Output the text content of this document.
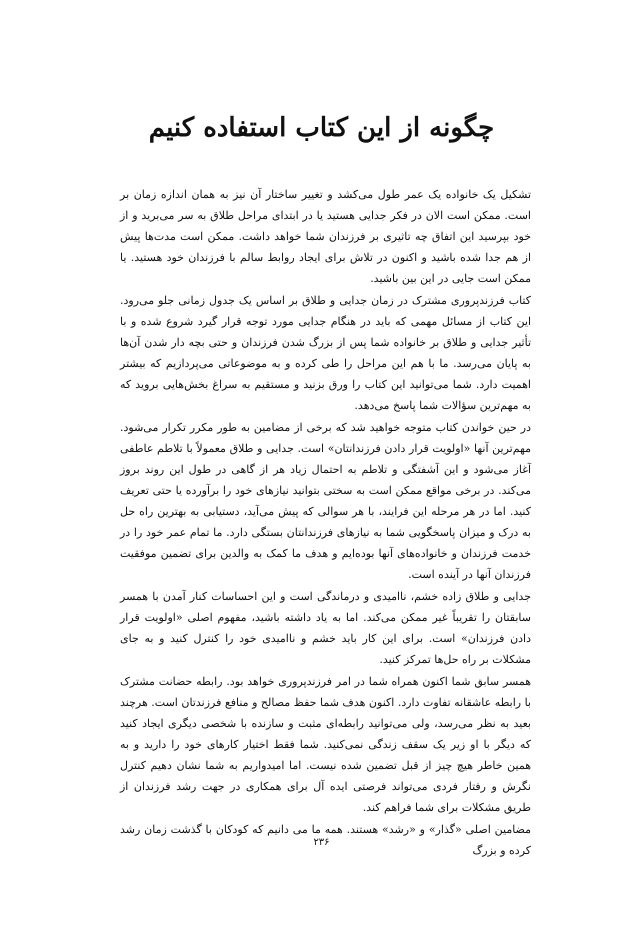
چگونه از این کتاب استفاده کنیم

تشکیل یک خانواده یک عمر طول می‌کشد و تغییر ساختار آن نیز به همان اندازه زمان بر است. ممکن است الان در فکر جدایی هستید یا در ابتدای مراحل طلاق به سر می‌برید و از خود بپرسید این اتفاق چه تاثیری بر فرزندان شما خواهد داشت. ممکن است مدت‌ها پیش از هم جدا شده باشید و اکنون در تلاش برای ایجاد روابط سالم با فرزندان خود هستید. یا ممکن است جایی در این بین باشید.

کتاب فرزندپروری مشترک در زمان جدایی و طلاق بر اساس یک جدول زمانی جلو می‌رود. این کتاب از مسائل مهمی که باید در هنگام جدایی مورد توجه قرار گیرد شروع شده و با تأثیر جدایی و طلاق بر خانواده شما پس از بزرگ شدن فرزندان و حتی بچه دار شدن آن‌ها به پایان می‌رسد. ما با هم این مراحل را طی کرده و به موضوعاتی می‌پردازیم که بیشتر اهمیت دارد. شما می‌توانید این کتاب را ورق بزنید و مستقیم به سراغ بخش‌هایی بروید که به مهم‌ترین سؤالات شما پاسخ می‌دهد.

در حین خواندن کتاب متوجه خواهید شد که برخی از مضامین به طور مکرر تکرار می‌شود. مهم‌ترین آنها «اولویت قرار دادن فرزندانتان» است. جدایی و طلاق معمولاً با تلاطم عاطفی آغاز می‌شود و این آشفتگی و تلاطم به احتمال زیاد هر از گاهی در طول این روند بروز می‌کند. در برخی مواقع ممکن است به سختی بتوانید نیازهای خود را برآورده یا حتی تعریف کنید. اما در هر مرحله این فرایند، با هر سوالی که پیش می‌آید، دستیابی به بهترین راه حل به درک و میزان پاسخگویی شما به نیازهای فرزندانتان بستگی دارد. ما تمام عمر خود را در خدمت فرزندان و خانواده‌های آنها بوده‌ایم و هدف ما کمک به والدین برای تضمین موفقیت فرزندان آنها در آینده است.

جدایی و طلاق زاده خشم، ناامیدی و درماندگی است و این احساسات کنار آمدن با همسر سابقتان را تقریباً غیر ممکن می‌کند. اما به یاد داشته باشید، مفهوم اصلی «اولویت قرار دادن فرزندان» است. برای این کار باید خشم و ناامیدی خود را کنترل کنید و به جای مشکلات بر راه حل‌ها تمرکز کنید.

همسر سابق شما اکنون همراه شما در امر فرزندپروری خواهد بود. رابطه حضانت مشترک با رابطه عاشقانه تفاوت دارد. اکنون هدف شما حفظ مصالح و منافع فرزندتان است. هرچند بعید به نظر می‌رسد، ولی می‌توانید رابطه‌ای مثبت و سازنده با شخصی دیگری ایجاد کنید که دیگر با او زیر یک سقف زندگی نمی‌کنید. شما فقط اختیار کارهای خود را دارید و به همین خاطر هیچ چیز از قبل تضمین شده نیست. اما امیدواریم به شما نشان دهیم کنترل نگرش و رفتار فردی می‌تواند فرصتی ایده آل برای همکاری در جهت رشد فرزندان از طریق مشکلات برای شما فراهم کند.

مضامین اصلی «گذار» و «رشد» هستند. همه ما می دانیم که کودکان با گذشت زمان رشد کرده و بزرگ

۲۳۶
